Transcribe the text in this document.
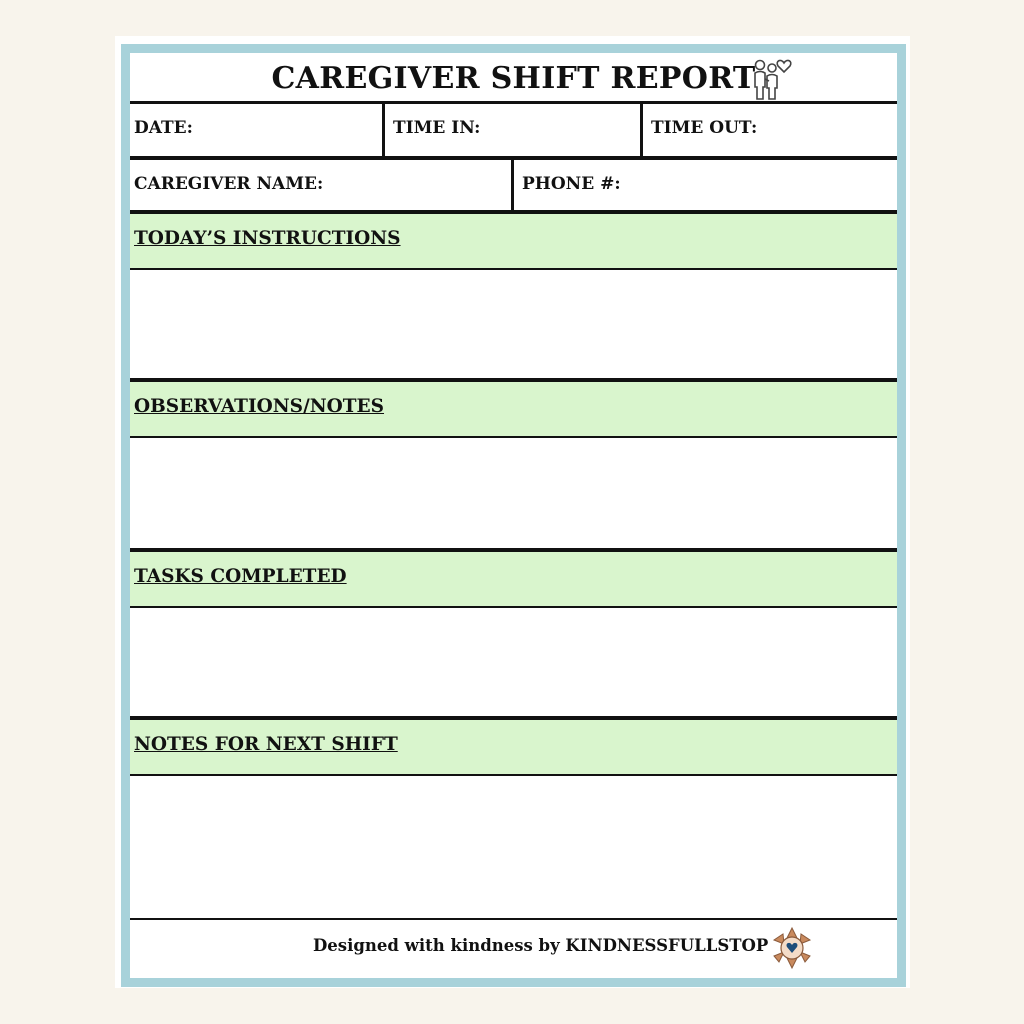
CAREGIVER SHIFT REPORT
DATE:	TIME IN:	TIME OUT:
CAREGIVER NAME:	PHONE #:
TODAY’S INSTRUCTIONS
OBSERVATIONS/NOTES
TASKS COMPLETED
NOTES FOR NEXT SHIFT
Designed with kindness by KINDNESSFULLSTOP
